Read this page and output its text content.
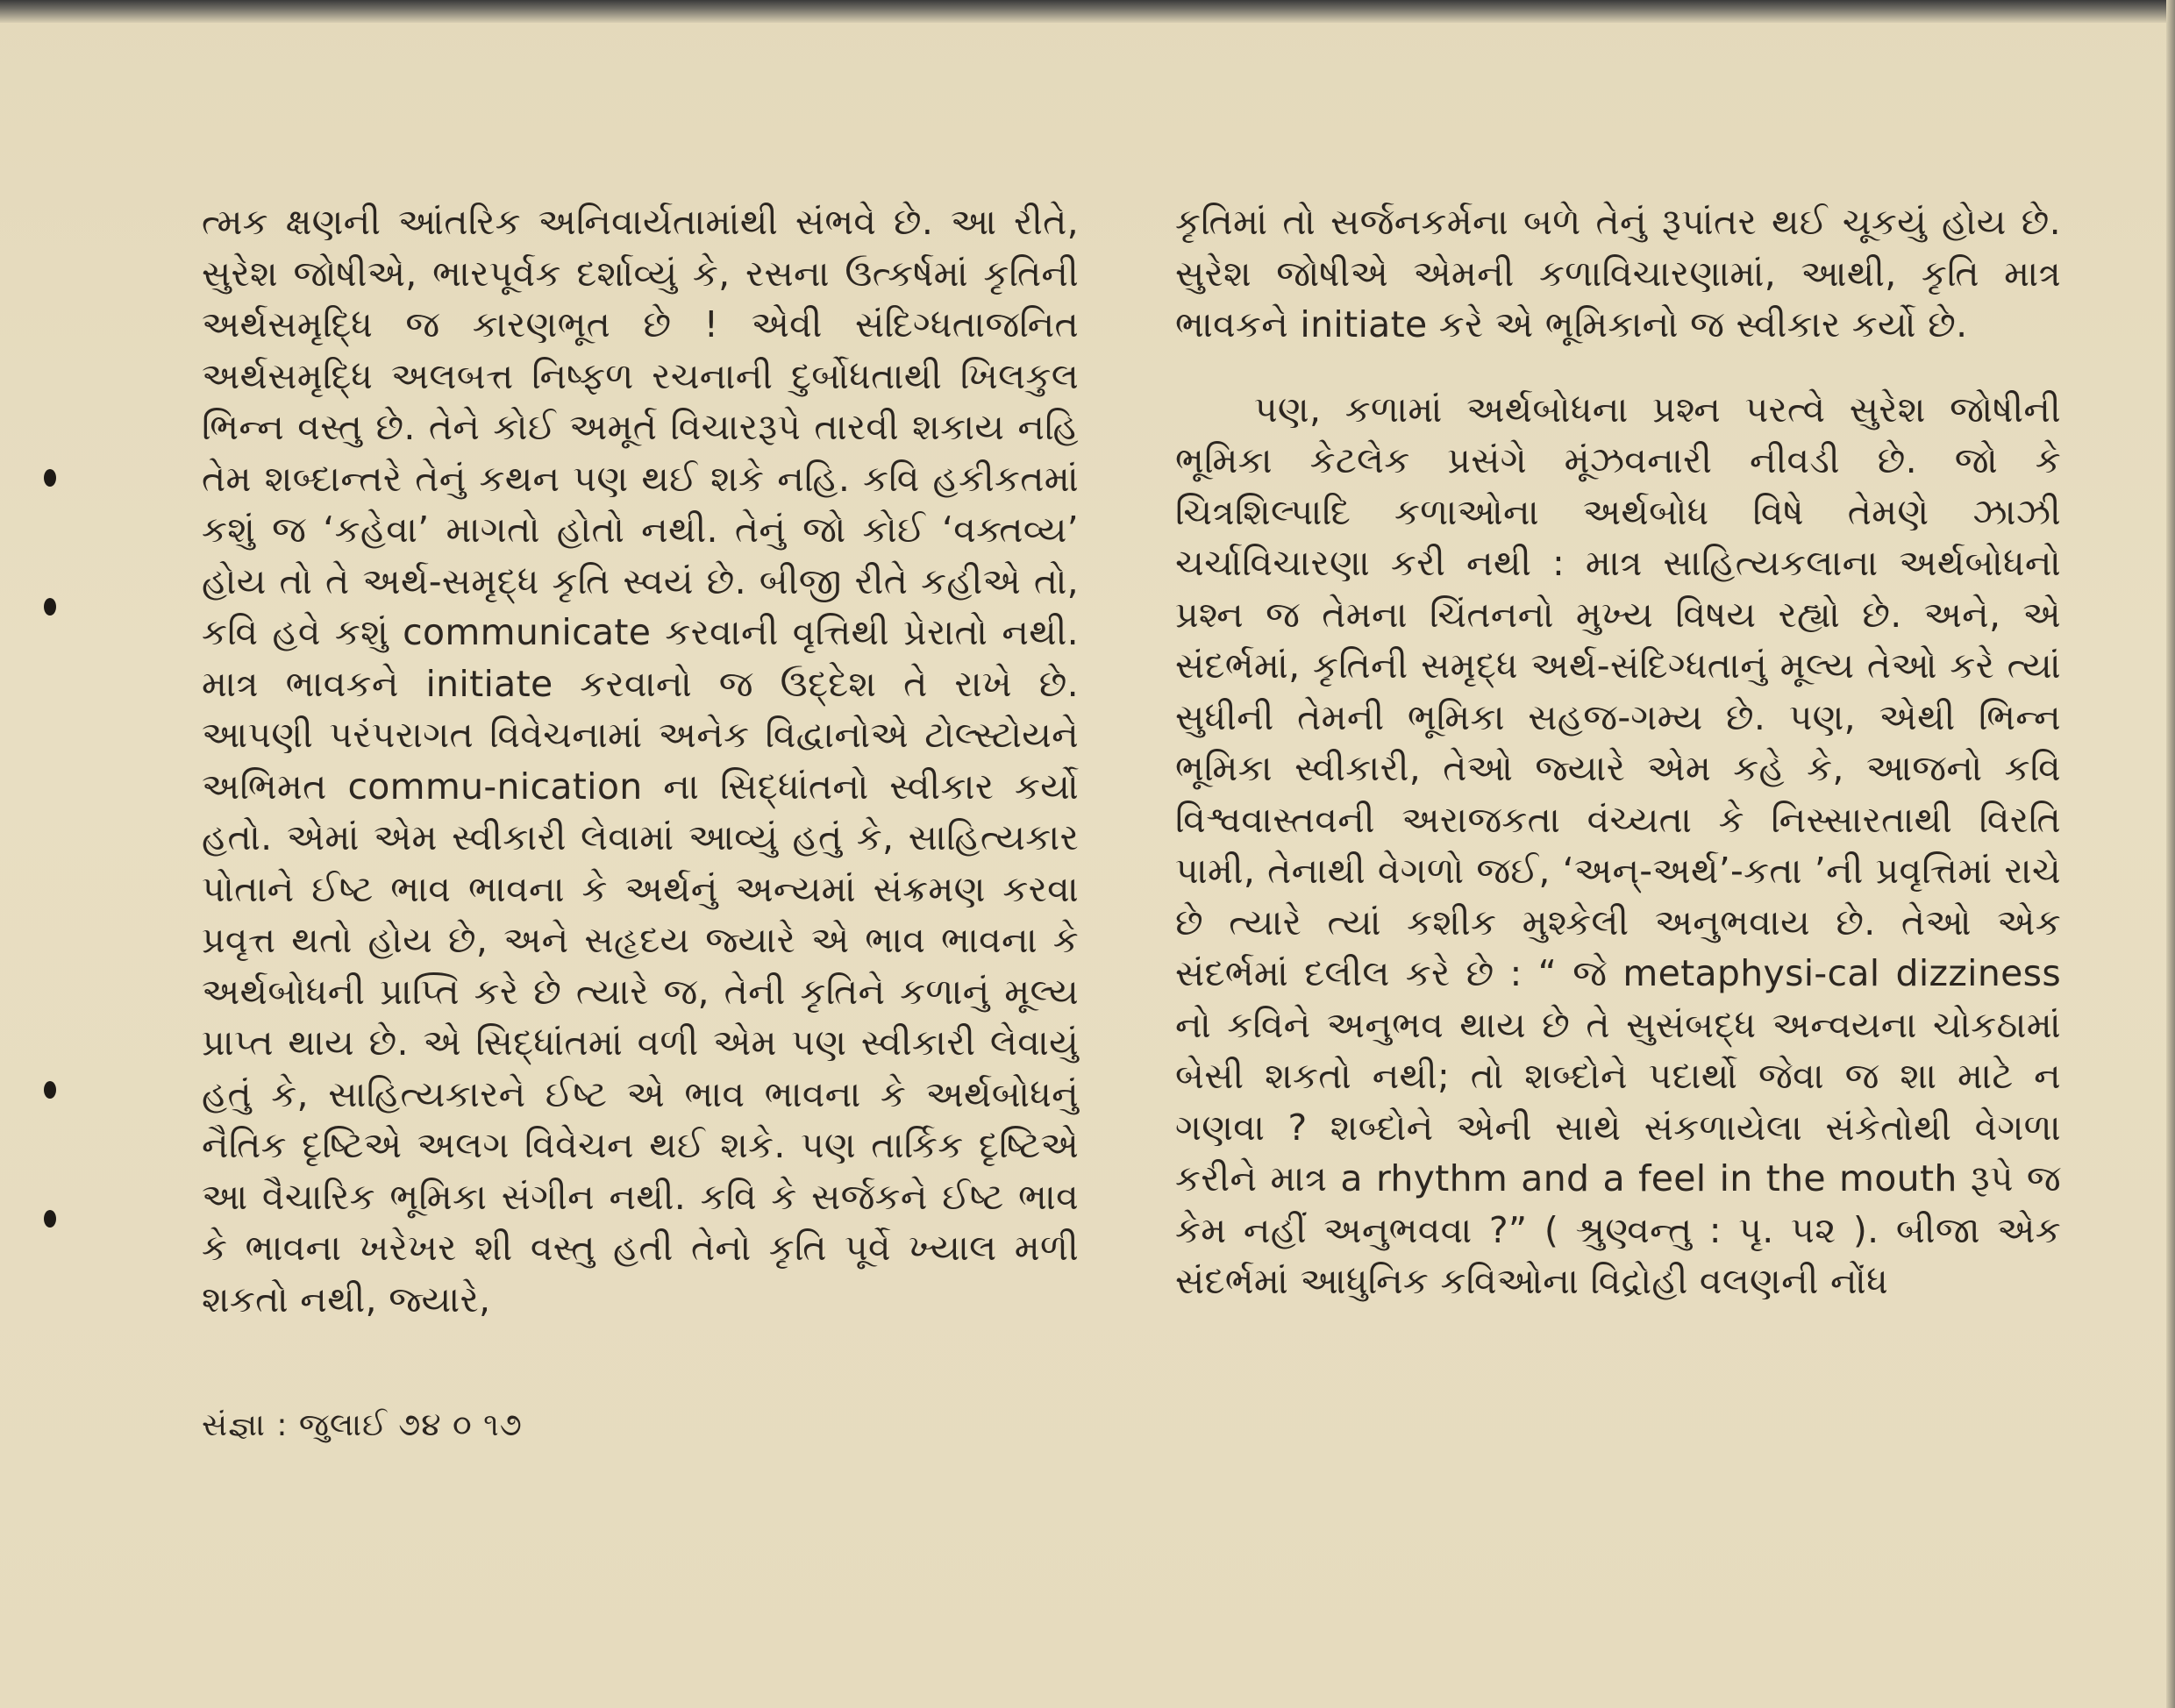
ત્મક ક્ષણની આંતરિક અનિવાર્યતામાંથી સંભવે છે. આ રીતે, સુરેશ જોષીએ, ભારપૂર્વક દર્શાવ્યું કે, રસના ઉત્કર્ષમાં કૃતિની અર્થસમૃદ્ધિ જ કારણભૂત છે ! એવી સંદિગ્ધતાજનિત અર્થસમૃદ્ધિ અલબત્ત નિષ્ફળ રચનાની દુર્બોધતાથી ખિલકુલ ભિન્ન વસ્તુ છે. તેને કોઈ અમૂર્ત વિચારરૂપે તારવી શકાય નહિ તેમ શબ્દાન્તરે તેનું કથન પણ થઈ શકે નહિ. કવિ હકીકતમાં કશું જ ‘કહેવા’ માગતો હોતો નથી. તેનું જો કોઈ ‘વક્તવ્ય’ હોય તો તે અર્થ-સમૃદ્ધ કૃતિ સ્વયં છે. બીજી રીતે કહીએ તો, કવિ હવે કશું communicate કરવાની વૃત્તિથી પ્રેરાતો નથી. માત્ર ભાવકને initiate કરવાનો જ ઉદ્દેશ તે રાખે છે. આપણી પરંપરાગત વિવેચનામાં અનેક વિદ્વાનોએ ટોલ્સ્ટોયને અભિમત commu-nication ના સિદ્ધાંતનો સ્વીકાર કર્યો હતો. એમાં એમ સ્વીકારી લેવામાં આવ્યું હતું કે, સાહિત્યકાર પોતાને ઈષ્ટ ભાવ ભાવના કે અર્થનું અન્યમાં સંક્રમણ કરવા પ્રવૃત્ત થતો હોય છે, અને સહૃદય જ્યારે એ ભાવ ભાવના કે અર્થબોધની પ્રાપ્તિ કરે છે ત્યારે જ, તેની કૃતિને કળાનું મૂલ્ય પ્રાપ્ત થાય છે. એ સિદ્ધાંતમાં વળી એમ પણ સ્વીકારી લેવાયું હતું કે, સાહિત્યકારને ઈષ્ટ એ ભાવ ભાવના કે અર્થબોધનું નૈતિક દૃષ્ટિએ અલગ વિવેચન થઈ શકે. પણ તાર્કિક દૃષ્ટિએ આ વૈચારિક ભૂમિકા સંગીન નથી. કવિ કે સર્જકને ઈષ્ટ ભાવ કે ભાવના ખરેખર શી વસ્તુ હતી તેનો કૃતિ પૂર્વે ખ્યાલ મળી શકતો નથી, જ્યારે,

કૃતિમાં તો સર્જનકર્મના બળે તેનું રૂપાંતર થઈ ચૂકયું હોય છે. સુરેશ જોષીએ એમની કળાવિચારણામાં, આથી, કૃતિ માત્ર ભાવકને initiate કરે એ ભૂમિકાનો જ સ્વીકાર કર્યો છે.

પણ, કળામાં અર્થબોધના પ્રશ્ન પરત્વે સુરેશ જોષીની ભૂમિકા કેટલેક પ્રસંગે મૂંઝવનારી નીવડી છે. જો કે ચિત્રશિલ્પાદિ કળાઓના અર્થબોધ વિષે તેમણે ઝાઝી ચર્ચાવિચારણા કરી નથી : માત્ર સાહિત્યકલાના અર્થબોધનો પ્રશ્ન જ તેમના ચિંતનનો મુખ્ય વિષય રહ્યો છે. અને, એ સંદર્ભમાં, કૃતિની સમૃદ્ધ અર્થ-સંદિગ્ધતાનું મૂલ્ય તેઓ કરે ત્યાં સુધીની તેમની ભૂમિકા સહજ-ગમ્ય છે. પણ, એથી ભિન્ન ભૂમિકા સ્વીકારી, તેઓ જ્યારે એમ કહે કે, આજનો કવિ વિશ્વવાસ્તવની અરાજકતા વંચ્યતા કે નિસ્સારતાથી વિરતિ પામી, તેનાથી વેગળો જઈ, ‘અન્-અર્થ’-કતા ’ની પ્રવૃત્તિમાં રાચે છે ત્યારે ત્યાં કશીક મુશ્કેલી અનુભવાય છે. તેઓ એક સંદર્ભમાં દલીલ કરે છે : “ જે metaphysi-cal dizziness નો કવિને અનુભવ થાય છે તે સુસંબદ્ધ અન્વયના ચોકઠામાં બેસી શકતો નથી; તો શબ્દોને પદાર્થો જેવા જ શા માટે ન ગણવા ? શબ્દોને એની સાથે સંકળાયેલા સંકેતોથી વેગળા કરીને માત્ર a rhythm and a feel in the mouth રૂપે જ કેમ નહીં અનુભવવા ?” ( શ્રુણ્વન્તુ : પૃ. ૫૨ ). બીજા એક સંદર્ભમાં આધુનિક કવિઓના વિદ્રોહી વલણની નોંધ

સંજ્ઞા : જુલાઈ ૭૪ ૦ ૧૭
